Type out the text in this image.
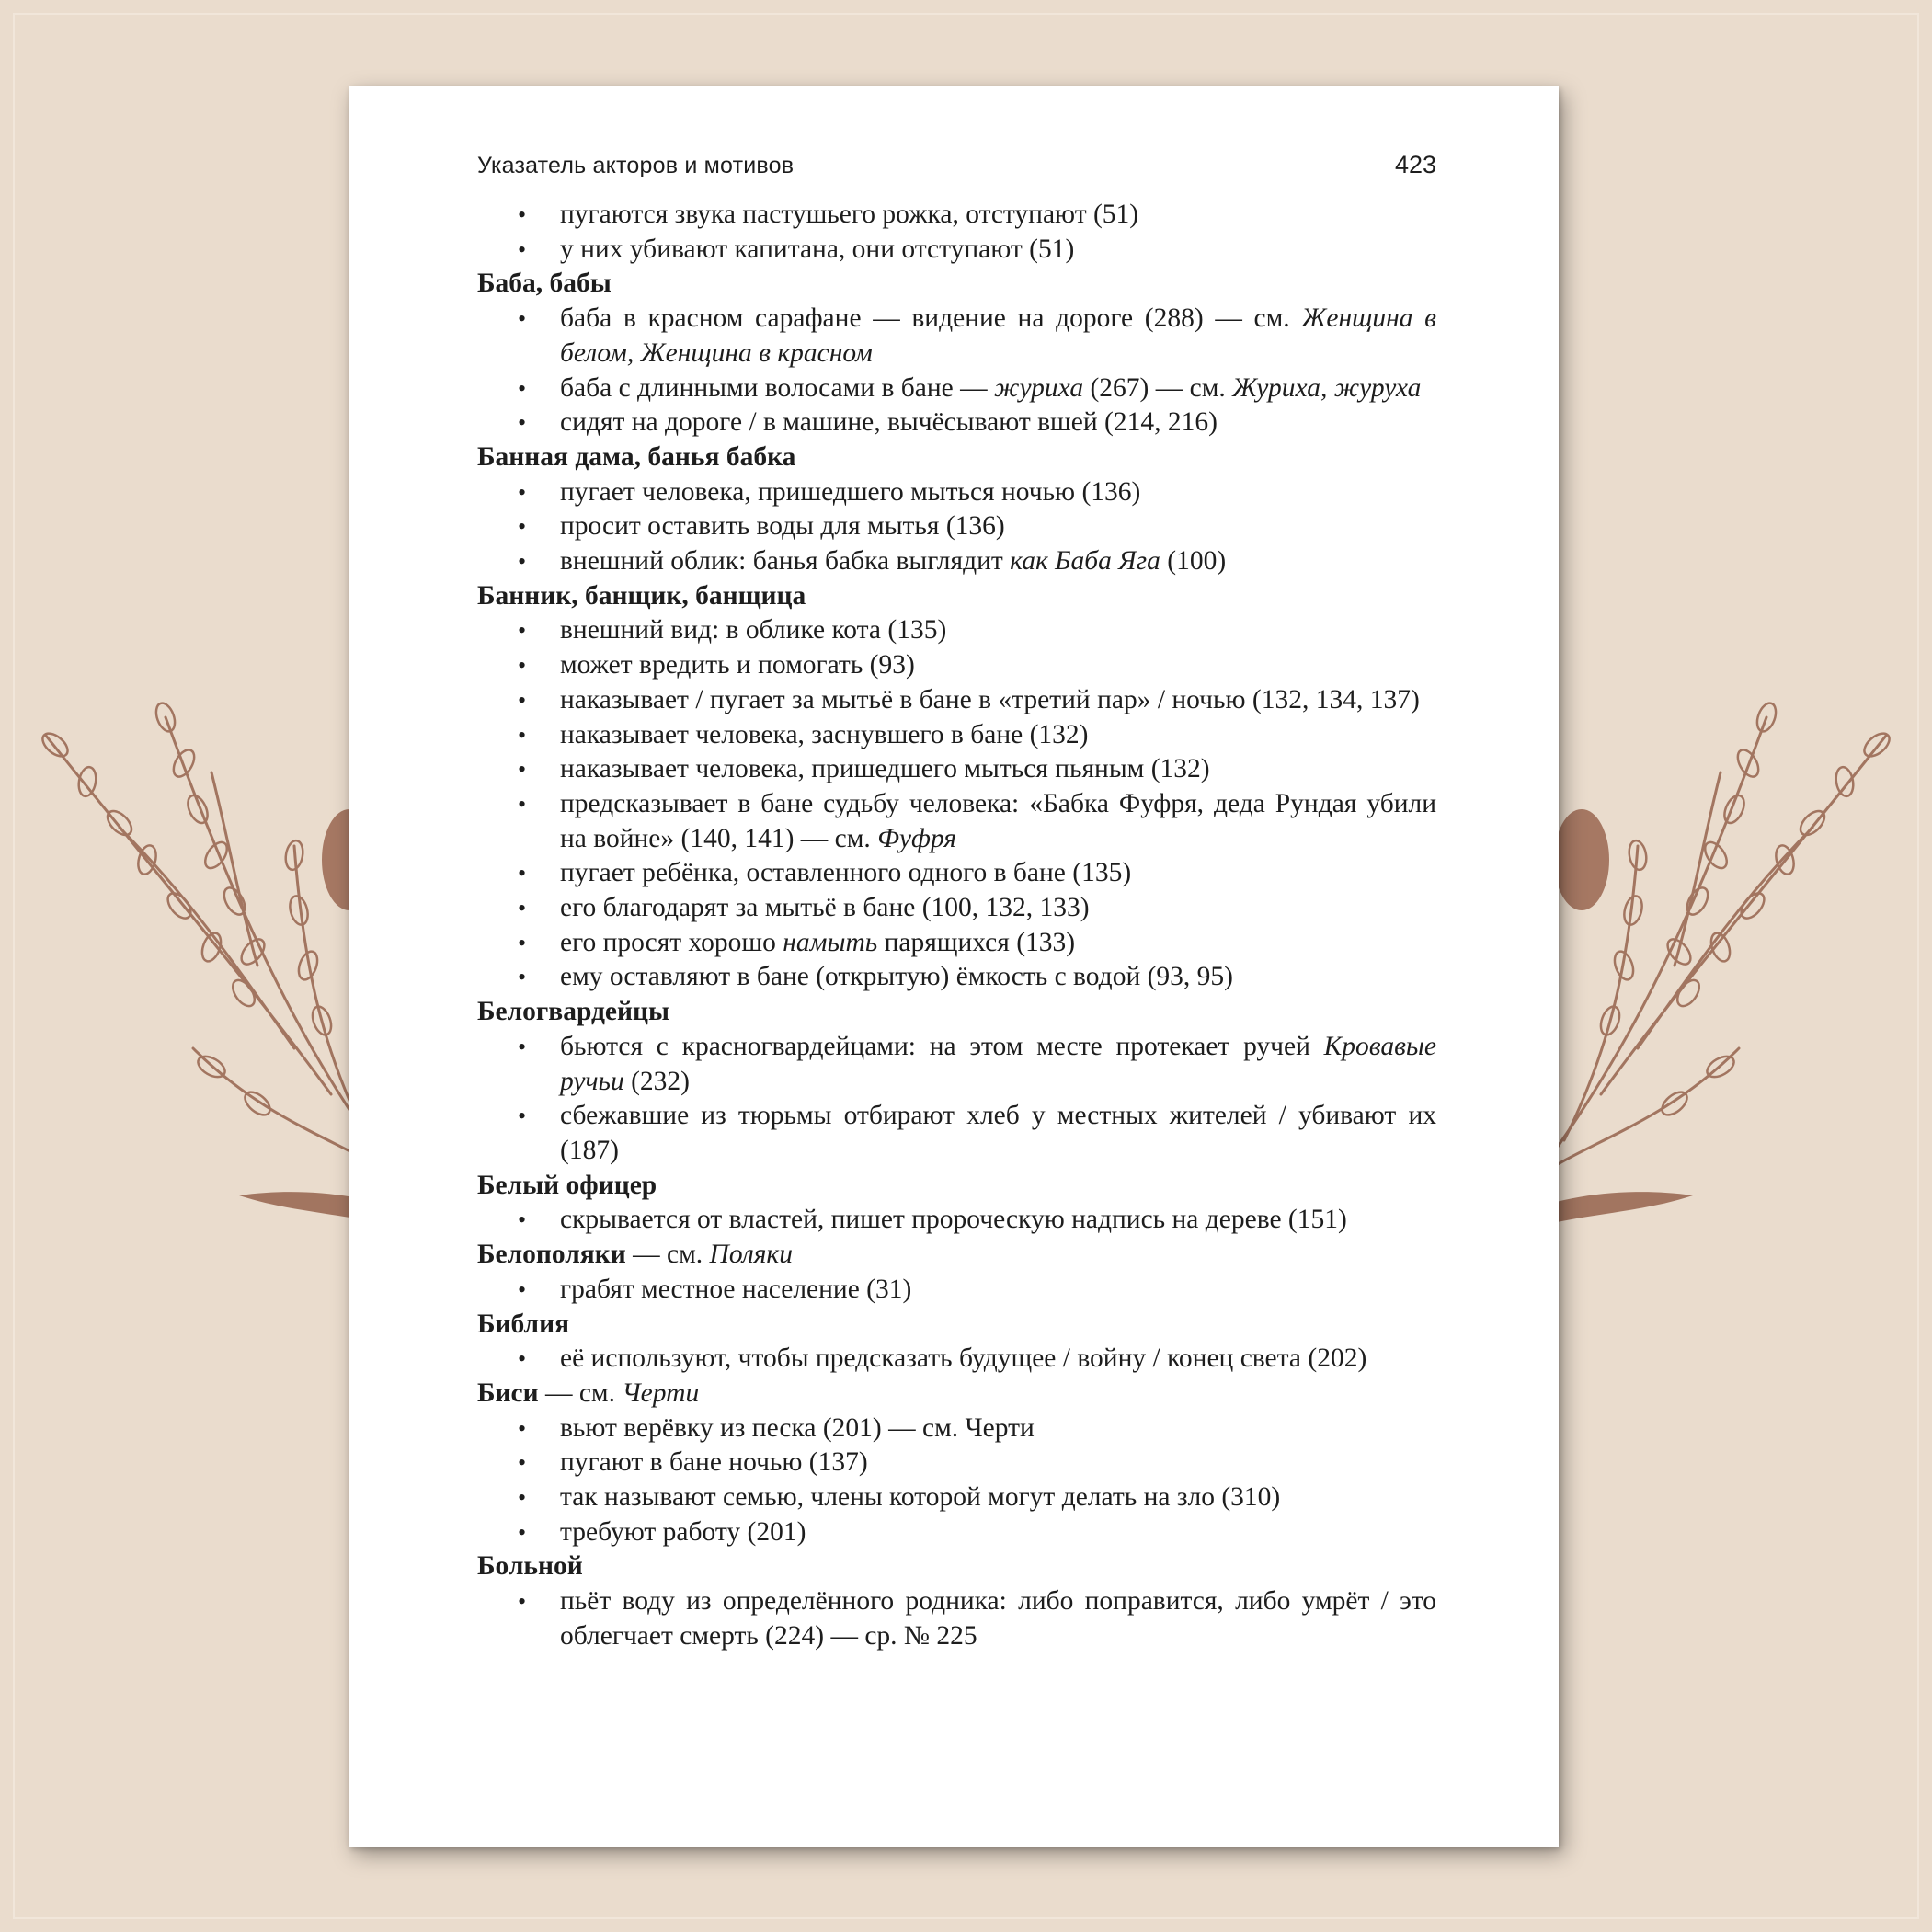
Указатель акторов и мотивов	423
• пугаются звука пастушьего рожка, отступают (51)
• у них убивают капитана, они отступают (51)
Баба, бабы
• баба в красном сарафане — видение на дороге (288) — см. Женщина в белом, Женщина в красном
• баба с длинными волосами в бане — журиха (267) — см. Журиха, журуха
• сидят на дороге / в машине, вычёсывают вшей (214, 216)
Банная дама, банья бабка
• пугает человека, пришедшего мыться ночью (136)
• просит оставить воды для мытья (136)
• внешний облик: банья бабка выглядит как Баба Яга (100)
Банник, банщик, банщица
• внешний вид: в облике кота (135)
• может вредить и помогать (93)
• наказывает / пугает за мытьё в бане в «третий пар» / ночью (132, 134, 137)
• наказывает человека, заснувшего в бане (132)
• наказывает человека, пришедшего мыться пьяным (132)
• предсказывает в бане судьбу человека: «Бабка Фуфря, деда Рундая убили на войне» (140, 141) — см. Фуфря
• пугает ребёнка, оставленного одного в бане (135)
• его благодарят за мытьё в бане (100, 132, 133)
• его просят хорошо намыть парящихся (133)
• ему оставляют в бане (открытую) ёмкость с водой (93, 95)
Белогвардейцы
• бьются с красногвардейцами: на этом месте протекает ручей Кровавые ручьи (232)
• сбежавшие из тюрьмы отбирают хлеб у местных жителей / убивают их (187)
Белый офицер
• скрывается от властей, пишет пророческую надпись на дереве (151)
Белополяки — см. Поляки
• грабят местное население (31)
Библия
• её используют, чтобы предсказать будущее / войну / конец света (202)
Биси — см. Черти
• вьют верёвку из песка (201) — см. Черти
• пугают в бане ночью (137)
• так называют семью, члены которой могут делать на зло (310)
• требуют работу (201)
Больной
• пьёт воду из определённого родника: либо поправится, либо умрёт / это облегчает смерть (224) — ср. № 225
